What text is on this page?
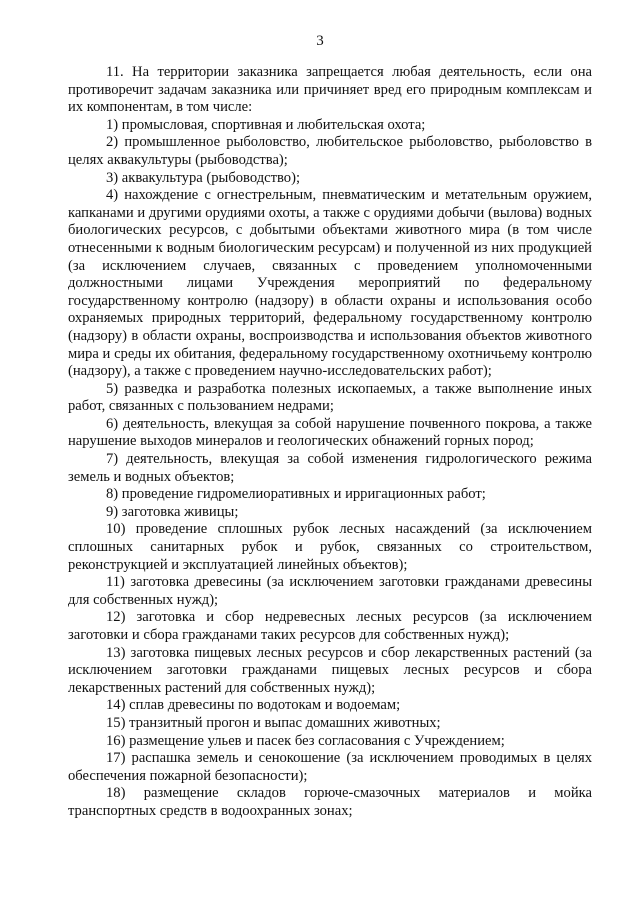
3

11. На территории заказника запрещается любая деятельность, если она противоречит задачам заказника или причиняет вред его природным комплексам и их компонентам, в том числе:

1) промысловая, спортивная и любительская охота;

2) промышленное рыболовство, любительское рыболовство, рыболовство в целях аквакультуры (рыбоводства);

3) аквакультура (рыбоводство);

4) нахождение с огнестрельным, пневматическим и метательным оружием, капканами и другими орудиями охоты, а также с орудиями добычи (вылова) водных биологических ресурсов, с добытыми объектами животного мира (в том числе отнесенными к водным биологическим ресурсам) и полученной из них продукцией (за исключением случаев, связанных с проведением уполномоченными должностными лицами Учреждения мероприятий по федеральному государственному контролю (надзору) в области охраны и использования особо охраняемых природных территорий, федеральному государственному контролю (надзору) в области охраны, воспроизводства и использования объектов животного мира и среды их обитания, федеральному государственному охотничьему контролю (надзору), а также с проведением научно-исследовательских работ);

5) разведка и разработка полезных ископаемых, а также выполнение иных работ, связанных с пользованием недрами;

6) деятельность, влекущая за собой нарушение почвенного покрова, а также нарушение выходов минералов и геологических обнажений горных пород;

7) деятельность, влекущая за собой изменения гидрологического режима земель и водных объектов;

8) проведение гидромелиоративных и ирригационных работ;

9) заготовка живицы;

10) проведение сплошных рубок лесных насаждений (за исключением сплошных санитарных рубок и рубок, связанных со строительством, реконструкцией и эксплуатацией линейных объектов);

11) заготовка древесины (за исключением заготовки гражданами древесины для собственных нужд);

12) заготовка и сбор недревесных лесных ресурсов (за исключением заготовки и сбора гражданами таких ресурсов для собственных нужд);

13) заготовка пищевых лесных ресурсов и сбор лекарственных растений (за исключением заготовки гражданами пищевых лесных ресурсов и сбора лекарственных растений для собственных нужд);

14) сплав древесины по водотокам и водоемам;

15) транзитный прогон и выпас домашних животных;

16) размещение ульев и пасек без согласования с Учреждением;

17) распашка земель и сенокошение (за исключением проводимых в целях обеспечения пожарной безопасности);

18) размещение складов горюче-смазочных материалов и мойка транспортных средств в водоохранных зонах;
